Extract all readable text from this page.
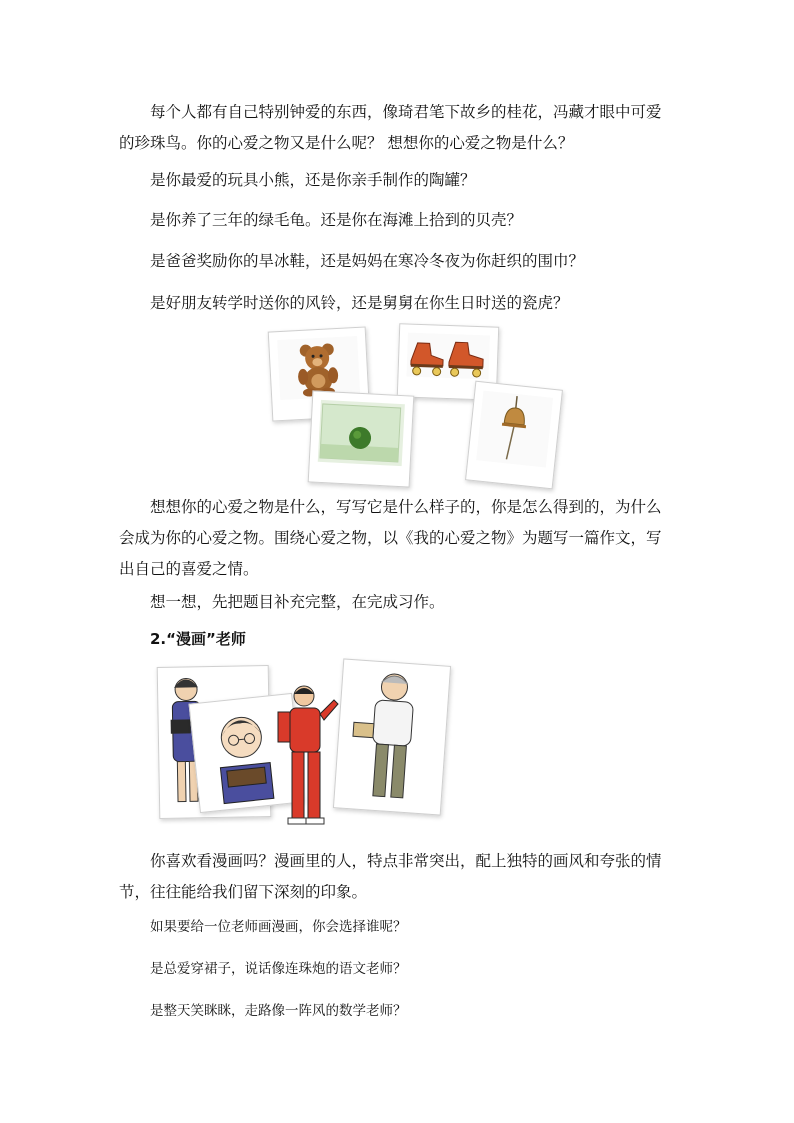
每个人都有自己特别钟爱的东西，像琦君笔下故乡的桂花，冯藏才眼中可爱

的珍珠鸟。你的心爱之物又是什么呢？ 想想你的心爱之物是什么？

是你最爱的玩具小熊，还是你亲手制作的陶罐？

是你养了三年的绿毛龟。还是你在海滩上拾到的贝壳？

是爸爸奖励你的旱冰鞋，还是妈妈在寒冷冬夜为你赶织的围巾？

是好朋友转学时送你的风铃，还是舅舅在你生日时送的瓷虎？

想想你的心爱之物是什么，写写它是什么样子的，你是怎么得到的，为什么

会成为你的心爱之物。围绕心爱之物，以《我的心爱之物》为题写一篇作文，写

出自己的喜爱之情。

想一想，先把题目补充完整，在完成习作。

2.“漫画”老师

你喜欢看漫画吗？漫画里的人，特点非常突出，配上独特的画风和夸张的情

节，往往能给我们留下深刻的印象。

如果要给一位老师画漫画，你会选择谁呢？

是总爱穿裙子，说话像连珠炮的语文老师？

是整天笑眯眯，走路像一阵风的数学老师？
